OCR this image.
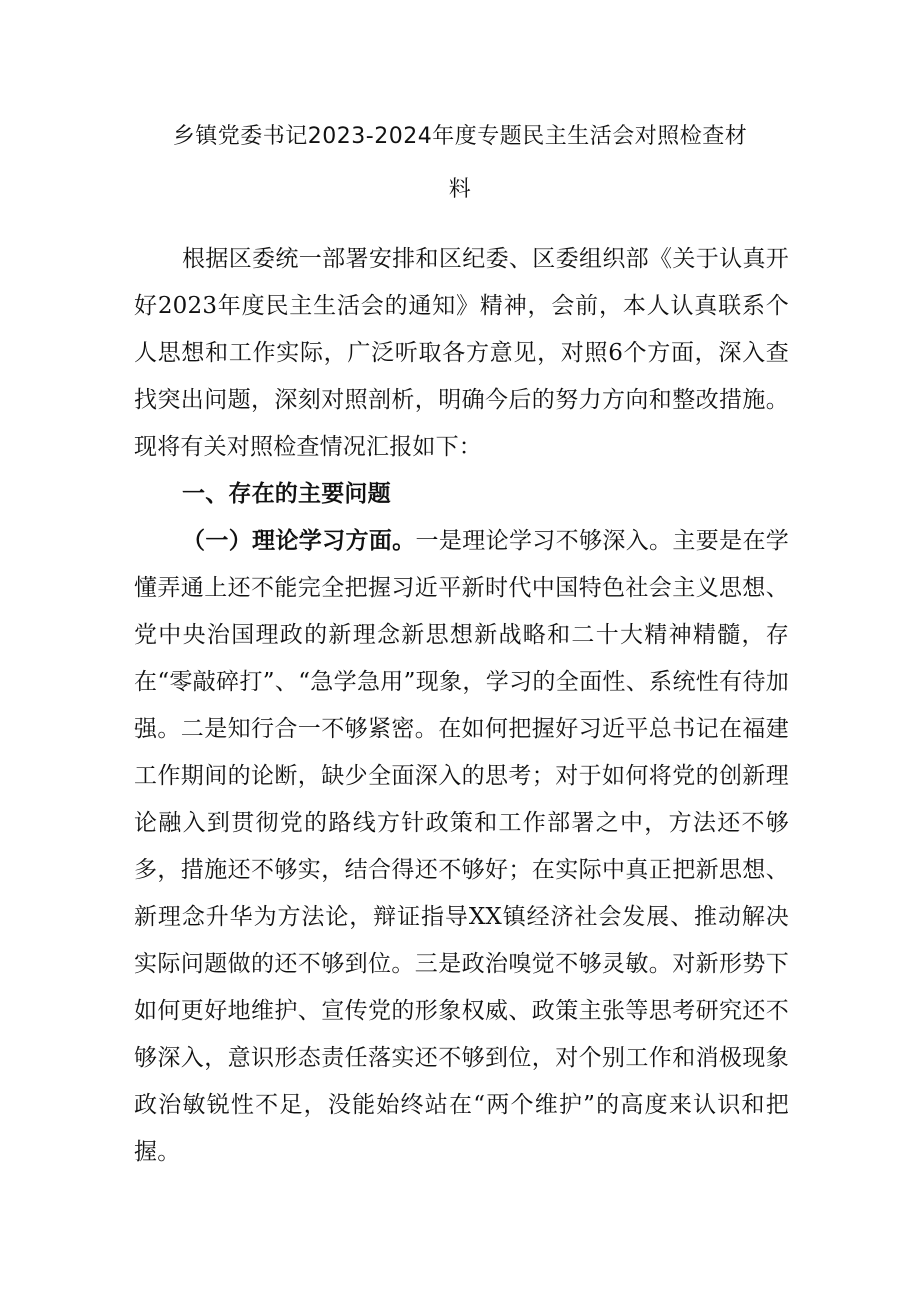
乡镇党委书记2023-2024年度专题民主生活会对照检查材
料

根据区委统一部署安排和区纪委、区委组织部《关于认真开好2023年度民主生活会的通知》精神，会前，本人认真联系个人思想和工作实际，广泛听取各方意见，对照6个方面，深入查找突出问题，深刻对照剖析，明确今后的努力方向和整改措施。现将有关对照检查情况汇报如下：

一、存在的主要问题

（一）理论学习方面。一是理论学习不够深入。主要是在学懂弄通上还不能完全把握习近平新时代中国特色社会主义思想、党中央治国理政的新理念新思想新战略和二十大精神精髓，存在“零敲碎打”、“急学急用”现象，学习的全面性、系统性有待加强。二是知行合一不够紧密。在如何把握好习近平总书记在福建工作期间的论断，缺少全面深入的思考；对于如何将党的创新理论融入到贯彻党的路线方针政策和工作部署之中，方法还不够多，措施还不够实，结合得还不够好；在实际中真正把新思想、新理念升华为方法论，辩证指导XX镇经济社会发展、推动解决实际问题做的还不够到位。三是政治嗅觉不够灵敏。对新形势下如何更好地维护、宣传党的形象权威、政策主张等思考研究还不够深入，意识形态责任落实还不够到位，对个别工作和消极现象政治敏锐性不足，没能始终站在“两个维护”的高度来认识和把握。
